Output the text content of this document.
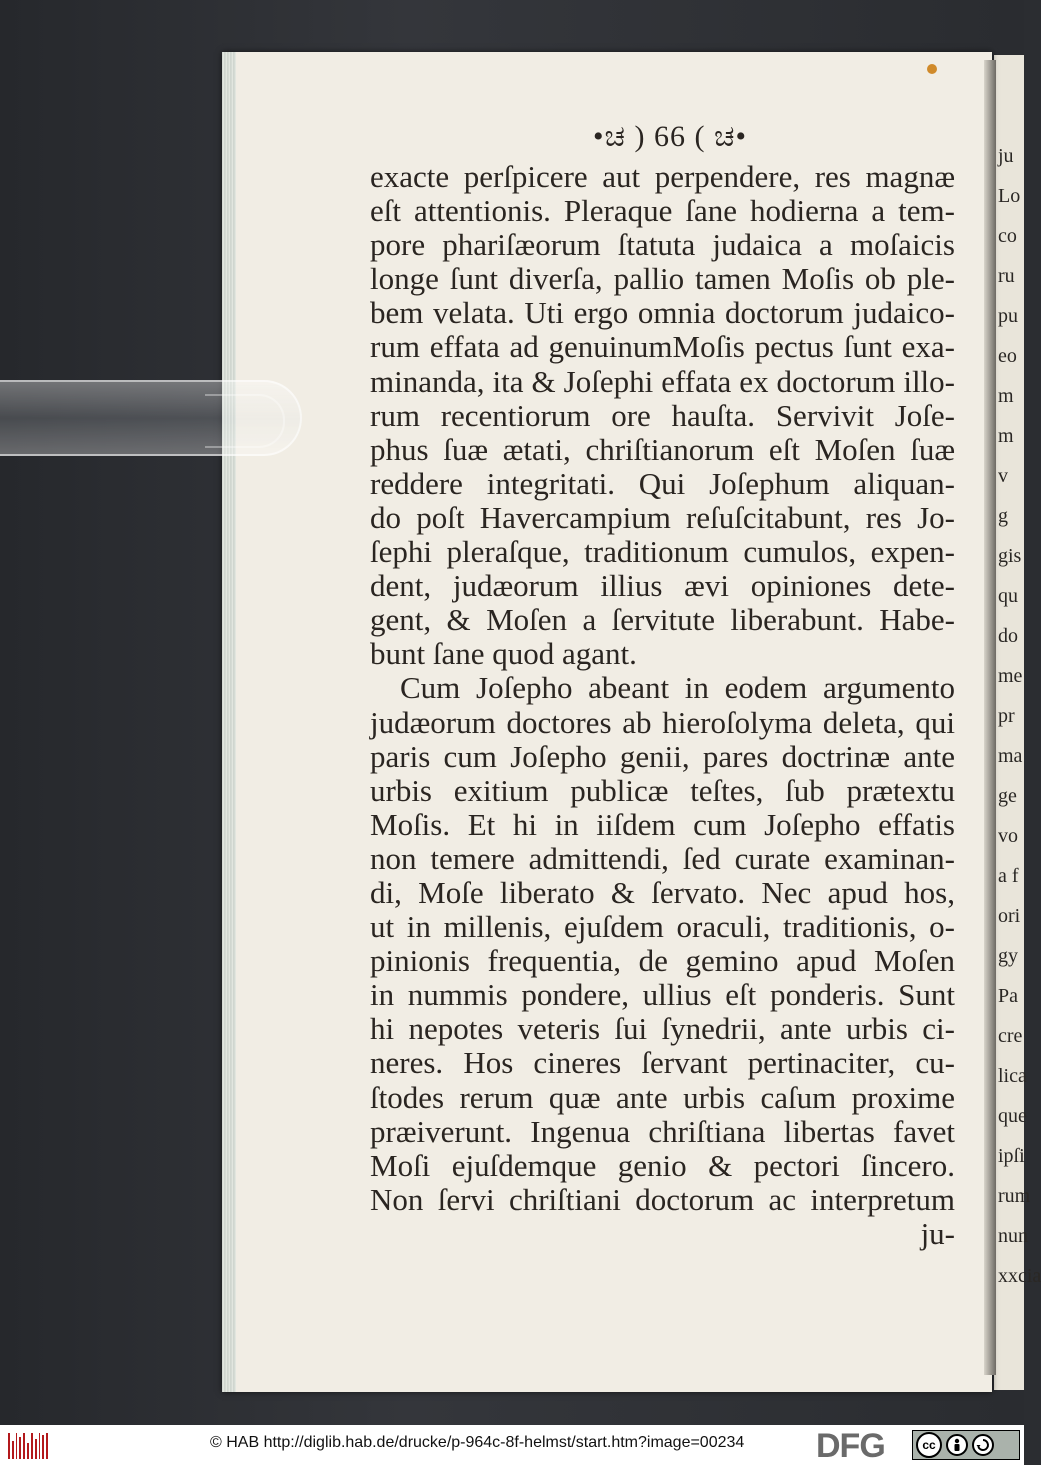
ju
Lo
co
ru
pu
eo
m
m
v
g
gis
qu
do
me
pr
ma
ge
vo
a f
ori
gy
Pa
cre
lica
que
ipſi
rum
nun
xxcia
•ಚ ) 66 ( ಚ•
exacte perſpicere aut perpendere, res magnæ
eſt attentionis. Pleraque ſane hodierna a tem-
pore phariſæorum ſtatuta judaica a moſaicis
longe ſunt diverſa, pallio tamen Moſis ob ple-
bem velata. Uti ergo omnia doctorum judaico-
rum effata ad genuinumMoſis pectus ſunt exa-
minanda, ita & Joſephi effata ex doctorum illo-
rum recentiorum ore hauſta. Servivit Joſe-
phus ſuæ ætati, chriſtianorum eſt Moſen ſuæ
reddere integritati. Qui Joſephum aliquan-
do poſt Havercampium reſuſcitabunt, res Jo-
ſephi pleraſque, traditionum cumulos, expen-
dent, judæorum illius ævi opiniones dete-
gent, & Moſen a ſervitute liberabunt. Habe-
bunt ſane quod agant.
Cum Joſepho abeant in eodem argumento
judæorum doctores ab hieroſolyma deleta, qui
paris cum Joſepho genii, pares doctrinæ ante
urbis exitium publicæ teſtes, ſub prætextu
Moſis. Et hi in iiſdem cum Joſepho effatis
non temere admittendi, ſed curate examinan-
di, Moſe liberato & ſervato. Nec apud hos,
ut in millenis, ejuſdem oraculi, traditionis, o-
pinionis frequentia, de gemino apud Moſen
in nummis pondere, ullius eſt ponderis. Sunt
hi nepotes veteris ſui ſynedrii, ante urbis ci-
neres. Hos cineres ſervant pertinaciter, cu-
ſtodes rerum quæ ante urbis caſum proxime
præiverunt. Ingenua chriſtiana libertas favet
Moſi ejuſdemque genio & pectori ſincero.
Non ſervi chriſtiani doctorum ac interpretum
ju-
© HAB http://diglib.hab.de/drucke/p-964c-8f-helmst/start.htm?image=00234 DFG	cc
